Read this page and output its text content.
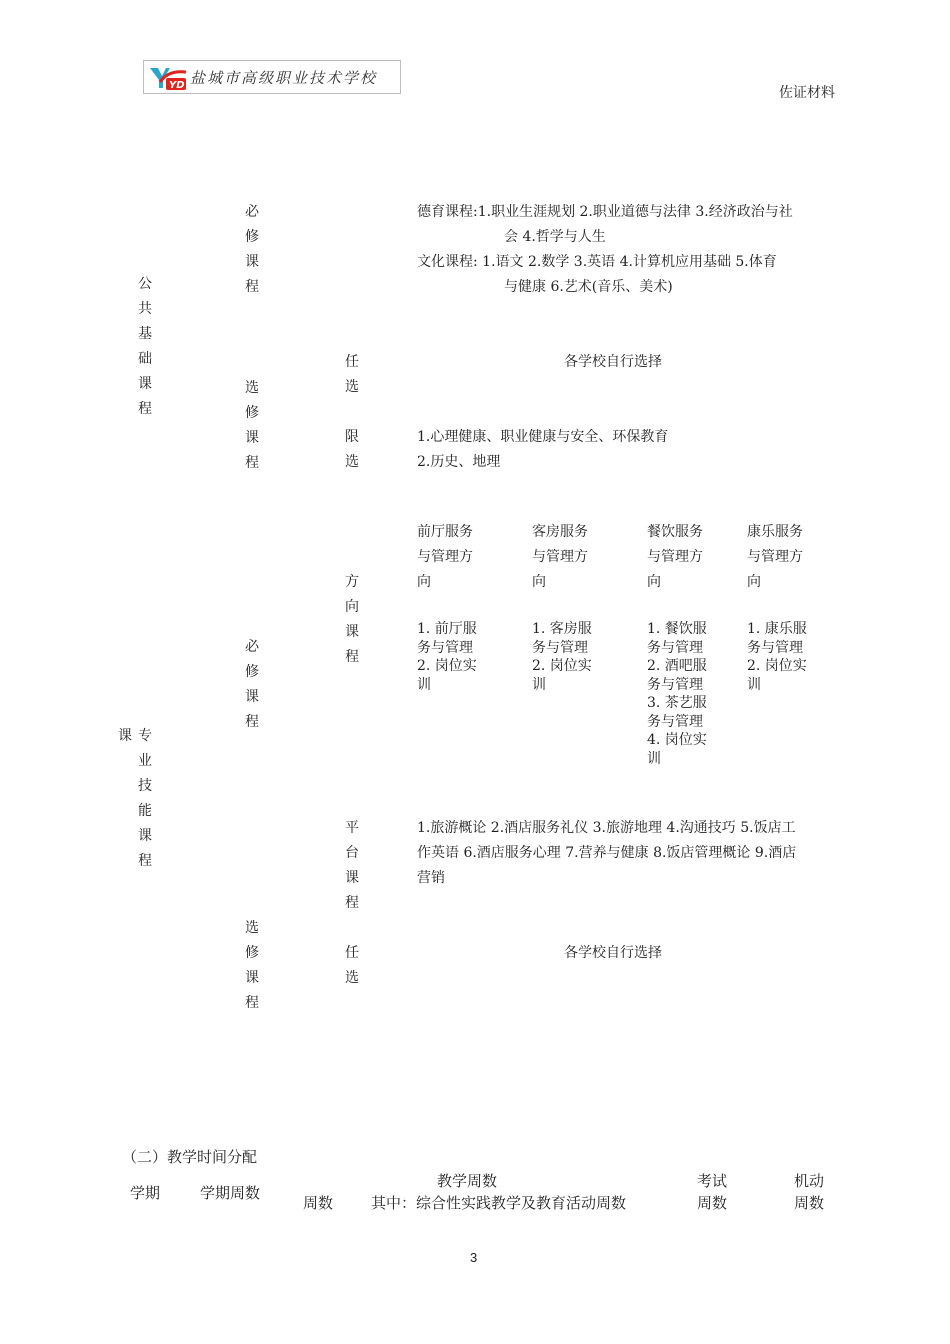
YD 盐城市高级职业技术学校
佐证材料
公
共
基
础
课
程
必
修
课
程
德育课程:1.职业生涯规划 2.职业道德与法律 3.经济政治与社
会 4.哲学与人生
文化课程: 1.语文 2.数学 3.英语 4.计算机应用基础 5.体育
与健康 6.艺术(音乐、美术)
选
修
课
程
任
选
各学校自行选择
限
选
1.心理健康、职业健康与安全、环保教育
2.历史、地理
课 专
业
技
能
课
程
必
修
课
程
方
向
课
程
前厅服务
与管理方
向
1. 前厅服
务与管理
2. 岗位实
训
客房服务
与管理方
向
1. 客房服
务与管理
2. 岗位实
训
餐饮服务
与管理方
向
1. 餐饮服
务与管理
2. 酒吧服
务与管理
3. 茶艺服
务与管理
4. 岗位实
训
康乐服务
与管理方
向
1. 康乐服
务与管理
2. 岗位实
训
平
台
课
程
1.旅游概论 2.酒店服务礼仪 3.旅游地理 4.沟通技巧 5.饭店工
作英语 6.酒店服务心理 7.营养与健康 8.饭店管理概论 9.酒店
营销
选
修
课
程
任
选
各学校自行选择
（二）教学时间分配
学期	学期周数
教学周数
周数	其中：综合性实践教学及教育活动周数
考试
周数
机动
周数
3
